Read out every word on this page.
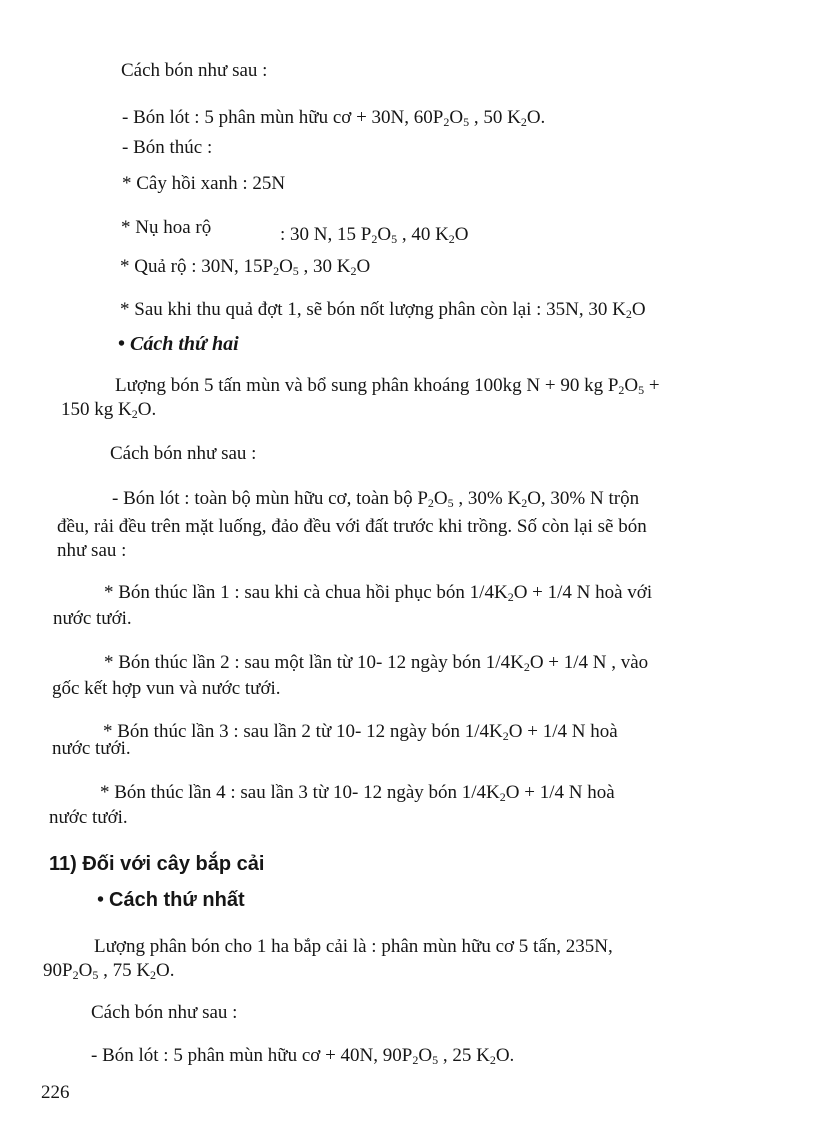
Cách bón như sau :
- Bón lót : 5 phân mùn hữu cơ + 30N, $60P_2O_5$ , 50 $K_2O$.
- Bón thúc :
* Cây hồi xanh : 25N
* Nụ hoa rộ	: 30 N, 15 $P_2O_5$ , 40 $K_2O$
* Quả rộ : 30N, $15P_2O_5$ , 30 $K_2O$
* Sau khi thu quả đợt 1, sẽ bón nốt lượng phân còn lại : 35N, 30 $K_2O$
• Cách thứ hai
Lượng bón 5 tấn mùn và bổ sung phân khoáng 100kg N + 90 kg $P_2O_5$ +
150 kg $K_2O$.
Cách bón như sau :
- Bón lót : toàn bộ mùn hữu cơ, toàn bộ $P_2O_5$ , 30% $K_2O$, 30% N trộn
đều, rải đều trên mặt luống, đảo đều với đất trước khi trồng. Số còn lại sẽ bón
như sau :
* Bón thúc lần 1 : sau khi cà chua hồi phục bón $1/4K_2O + 1/4$ N hoà với
nước tưới.
* Bón thúc lần 2 : sau một lần từ 10- 12 ngày bón $1/4K_2O + 1/4$ N , vào
gốc kết hợp vun và nước tưới.
* Bón thúc lần 3 : sau lần 2 từ 10- 12 ngày bón $1/4K_2O + 1/4$ N hoà
nước tưới.
* Bón thúc lần 4 : sau lần 3 từ 10- 12 ngày bón $1/4K_2O + 1/4$ N hoà
nước tưới.
11) Đối với cây bắp cải
• Cách thứ nhất
Lượng phân bón cho 1 ha bắp cải là : phân mùn hữu cơ 5 tấn, 235N,
$90P_2O_5$ , 75 $K_2O$.
Cách bón như sau :
- Bón lót : 5 phân mùn hữu cơ + 40N, $90P_2O_5$ , 25 $K_2O$.
226
